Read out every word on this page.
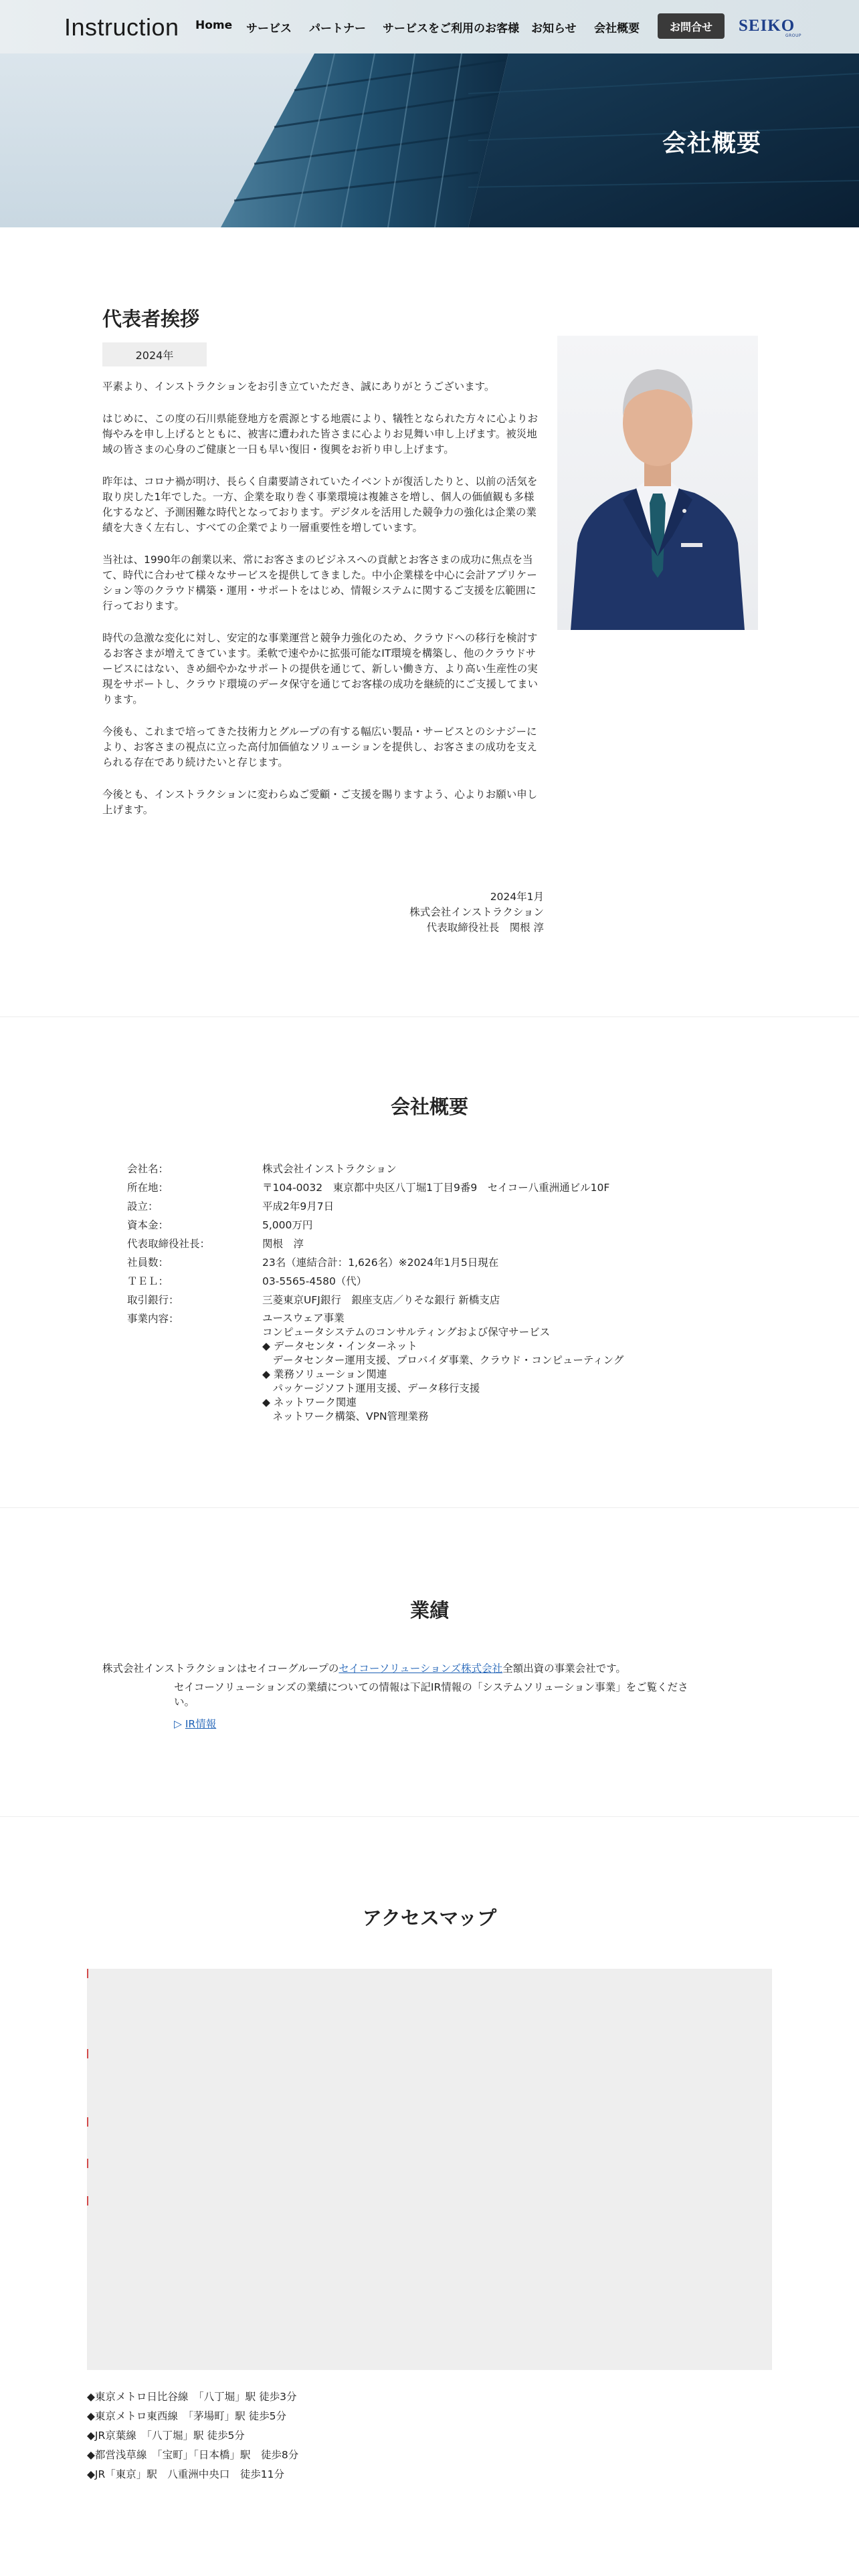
Instruction Home サービス パートナー サービスをご利用のお客様 お知らせ 会社概要	お問合せ	SEIKO
GROUP
会社概要
代表者挨拶
2024年

平素より、インストラクションをお引き立ていただき、誠にありがとうございます。

はじめに、この度の石川県能登地方を震源とする地震により、犠牲となられた方々に心よりお悔やみを申し上げるとともに、被害に遭われた皆さまに心よりお見舞い申し上げます。被災地域の皆さまの心身のご健康と一日も早い復旧・復興をお祈り申し上げます。

昨年は、コロナ禍が明け、長らく自粛要請されていたイベントが復活したりと、以前の活気を取り戻した1年でした。一方、企業を取り巻く事業環境は複雑さを増し、個人の価値観も多様化するなど、予測困難な時代となっております。デジタルを活用した競争力の強化は企業の業績を大きく左右し、すべての企業でより一層重要性を増しています。

当社は、1990年の創業以来、常にお客さまのビジネスへの貢献とお客さまの成功に焦点を当て、時代に合わせて様々なサービスを提供してきました。中小企業様を中心に会計アプリケーション等のクラウド構築・運用・サポートをはじめ、情報システムに関するご支援を広範囲に行っております。

時代の急激な変化に対し、安定的な事業運営と競争力強化のため、クラウドへの移行を検討するお客さまが増えてきています。柔軟で速やかに拡張可能なIT環境を構築し、他のクラウドサービスにはない、きめ細やかなサポートの提供を通じて、新しい働き方、より高い生産性の実現をサポートし、クラウド環境のデータ保守を通じてお客様の成功を継続的にご支援してまいります。

今後も、これまで培ってきた技術力とグループの有する幅広い製品・サービスとのシナジーにより、お客さまの視点に立った高付加価値なソリューションを提供し、お客さまの成功を支えられる存在であり続けたいと存じます。

今後とも、インストラクションに変わらぬご愛顧・ご支援を賜りますよう、心よりお願い申し上げます。

2024年1月
株式会社インストラクション
代表取締役社長　関根 淳
会社概要
会社名：	株式会社インストラクション
所在地：	〒104-0032　東京都中央区八丁堀1丁目9番9　セイコー八重洲通ビル10F
設立：	平成2年9月7日
資本金：	5,000万円
代表取締役社長：	関根　淳
社員数：	23名（連結合計：1,626名）※2024年1月5日現在
ＴＥＬ：	03-5565-4580（代）
取引銀行：	三菱東京UFJ銀行　銀座支店／りそな銀行 新橋支店
事業内容：	ユースウェア事業
コンピュータシステムのコンサルティングおよび保守サービス
◆ データセンタ・インターネット
　データセンター運用支援、プロバイダ事業、クラウド・コンピューティング
◆ 業務ソリューション関連
　パッケージソフト運用支援、データ移行支援
◆ ネットワーク関連
　ネットワーク構築、VPN管理業務
業績
株式会社インストラクションはセイコーグループのセイコーソリューションズ株式会社全額出資の事業会社です。
セイコーソリューションズの業績についての情報は下記IR情報の「システムソリューション事業」をご覧ください。
▷ IR情報
アクセスマップ
◆東京メトロ日比谷線　「八丁堀」駅 徒歩3分
◆東京メトロ東西線　「茅場町」駅 徒歩5分
◆JR京葉線　「八丁堀」駅 徒歩5分
◆都営浅草線　「宝町」「日本橋」駅　徒歩8分
◆JR「東京」駅　八重洲中央口　徒歩11分
